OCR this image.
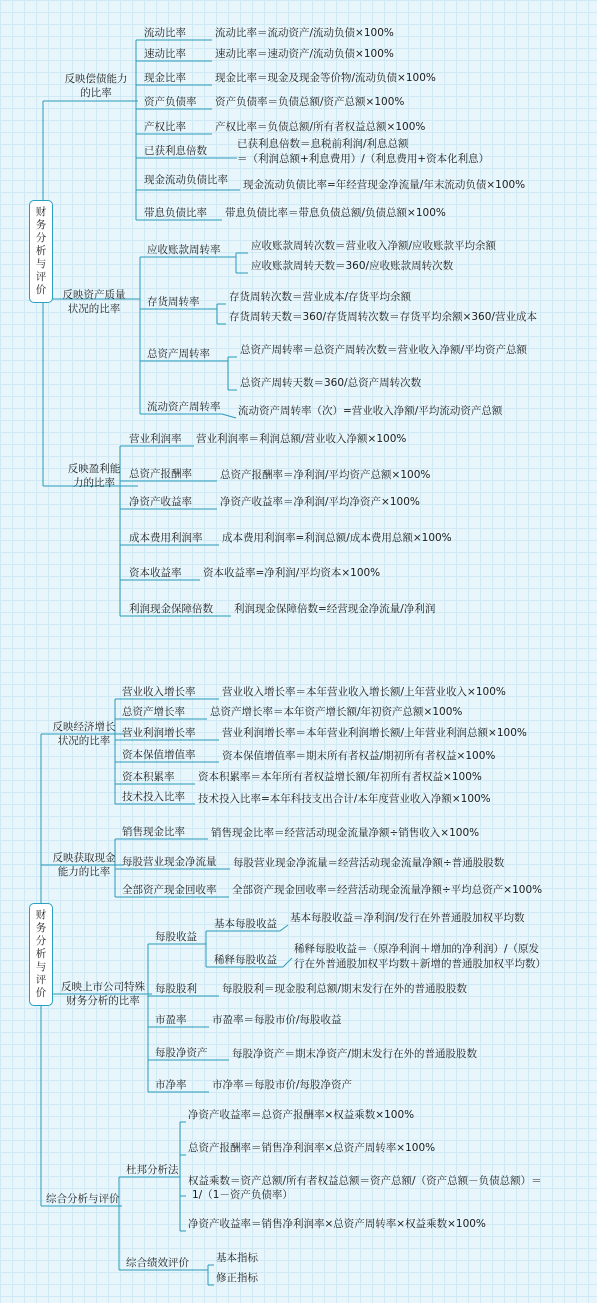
财
务
分
析
与
评
价
反映偿债能力
的比率
流动比率	流动比率＝流动资产/流动负债×100%
速动比率	速动比率＝速动资产/流动负债×100%
现金比率	现金比率＝现金及现金等价物/流动负债×100%
资产负债率 资产负债率＝负债总额/资产总额×100%
产权比率	产权比率＝负债总额/所有者权益总额×100%
已获利息倍数
已获利息倍数＝息税前利润/利息总额
＝（利润总额+利息费用）/（利息费用+资本化利息）
现金流动负债比率 现金流动负债比率=年经营现金净流量/年末流动负债×100%
带息负债比率 带息负债比率＝带息负债总额/负债总额×100%
反映资产质量
状况的比率
应收账款周转率	应收账款周转次数＝营业收入净额/应收账款平均余额
应收账款周转天数＝360/应收账款周转次数
存货周转率	存货周转次数＝营业成本/存货平均余额
存货周转天数＝360/存货周转次数＝存货平均余额×360/营业成本
总资产周转率	总资产周转率＝总资产周转次数＝营业收入净额/平均资产总额
总资产周转天数＝360/总资产周转次数
流动资产周转率 流动资产周转率（次）=营业收入净额/平均流动资产总额
反映盈利能
力的比率
营业利润率 营业利润率＝利润总额/营业收入净额×100%
总资产报酬率	总资产报酬率＝净利润/平均资产总额×100%
净资产收益率	净资产收益率＝净利润/平均净资产×100%
成本费用利润率 成本费用利润率=利润总额/成本费用总额×100%
资本收益率 资本收益率=净利润/平均资本×100%
利润现金保障倍数 利润现金保障倍数=经营现金净流量/净利润
财
务
分
析
与
评
价
反映经济增长
状况的比率
营业收入增长率	营业收入增长率＝本年营业收入增长额/上年营业收入×100%
总资产增长率 总资产增长率＝本年资产增长额/年初资产总额×100%
营业利润增长率	营业利润增长率＝本年营业利润增长额/上年营业利润总额×100%
资本保值增值率	资本保值增值率＝期末所有者权益/期初所有者权益×100%
资本积累率 资本积累率＝本年所有者权益增长额/年初所有者权益×100%
技术投入比率 技术投入比率=本年科技支出合计/本年度营业收入净额×100%
反映获取现金
能力的比率
销售现金比率 销售现金比率＝经营活动现金流量净额÷销售收入×100%
每股营业现金净流量 每股营业现金净流量＝经营活动现金流量净额÷普通股股数
全部资产现金回收率 全部资产现金回收率＝经营活动现金流量净额÷平均总资产×100%
反映上市公司特殊
财务分析的比率
每股收益
基本每股收益 基本每股收益＝净利润/发行在外普通股加权平均数
稀释每股收益
稀释每股收益＝（原净利润＋增加的净利润）/（原发
行在外普通股加权平均数＋新增的普通股加权平均数）
每股股利 每股股利＝现金股利总额/期末发行在外的普通股股数
市盈率 市盈率＝每股市价/每股收益
每股净资产 每股净资产＝期末净资产/期末发行在外的普通股股数
市净率 市净率＝每股市价/每股净资产
综合分析与评价
杜邦分析法
净资产收益率＝总资产报酬率×权益乘数×100%
总资产报酬率＝销售净利润率×总资产周转率×100%
权益乘数＝资产总额/所有者权益总额＝资产总额/（资产总额－负债总额）＝
1/（1－资产负债率）
净资产收益率＝销售净利润率×总资产周转率×权益乘数×100%
综合绩效评价	基本指标
修正指标
